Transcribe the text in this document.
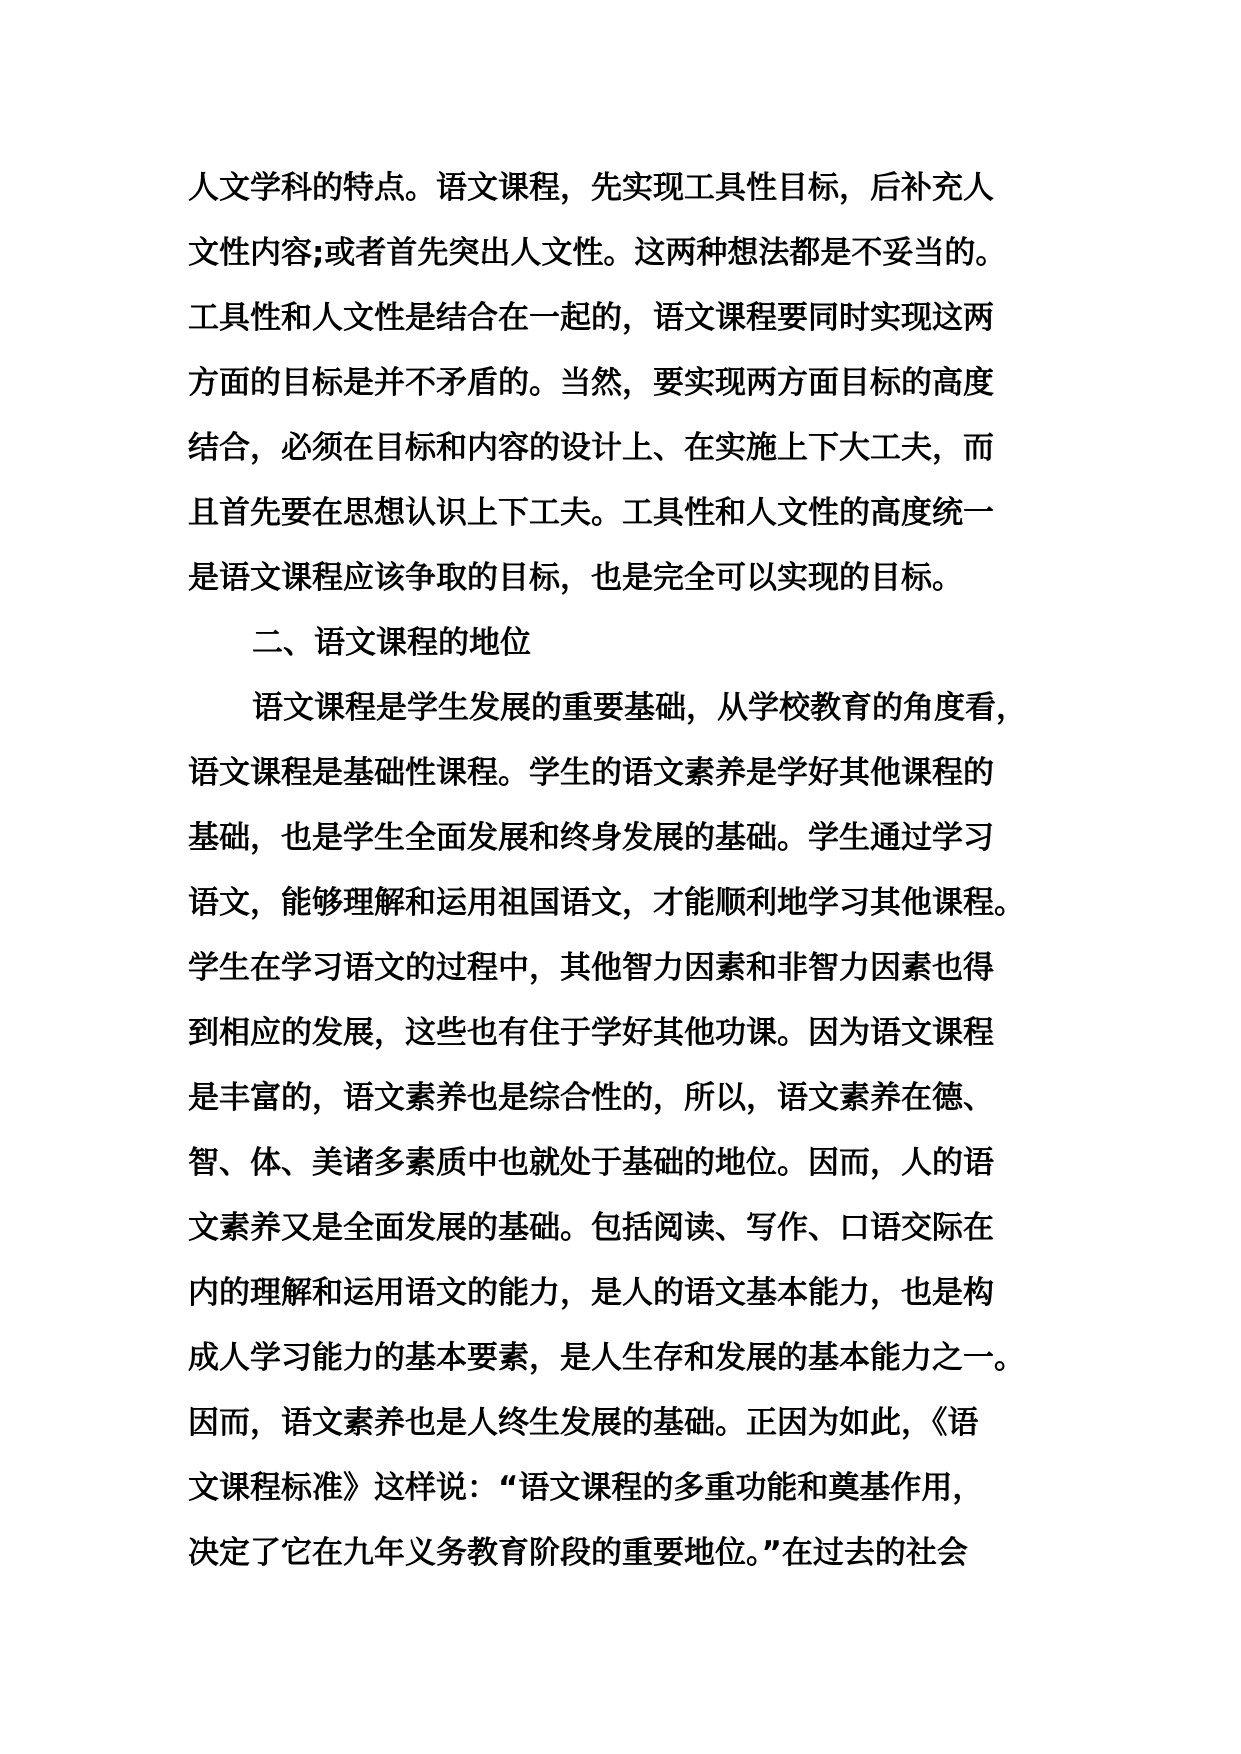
人文学科的特点。语文课程，先实现工具性目标，后补充人
文性内容;或者首先突出人文性。这两种想法都是不妥当的。
工具性和人文性是结合在一起的，语文课程要同时实现这两
方面的目标是并不矛盾的。当然，要实现两方面目标的高度
结合，必须在目标和内容的设计上、在实施上下大工夫，而
且首先要在思想认识上下工夫。工具性和人文性的高度统一
是语文课程应该争取的目标，也是完全可以实现的目标。
二、语文课程的地位
语文课程是学生发展的重要基础，从学校教育的角度看，
语文课程是基础性课程。学生的语文素养是学好其他课程的
基础，也是学生全面发展和终身发展的基础。学生通过学习
语文，能够理解和运用祖国语文，才能顺利地学习其他课程。
学生在学习语文的过程中，其他智力因素和非智力因素也得
到相应的发展，这些也有住于学好其他功课。因为语文课程
是丰富的，语文素养也是综合性的，所以，语文素养在德、
智、体、美诸多素质中也就处于基础的地位。因而，人的语
文素养又是全面发展的基础。包括阅读、写作、口语交际在
内的理解和运用语文的能力，是人的语文基本能力，也是构
成人学习能力的基本要素，是人生存和发展的基本能力之一。
因而，语文素养也是人终生发展的基础。正因为如此，《语
文课程标准》这样说：“语文课程的多重功能和奠基作用，
决定了它在九年义务教育阶段的重要地位。”在过去的社会
